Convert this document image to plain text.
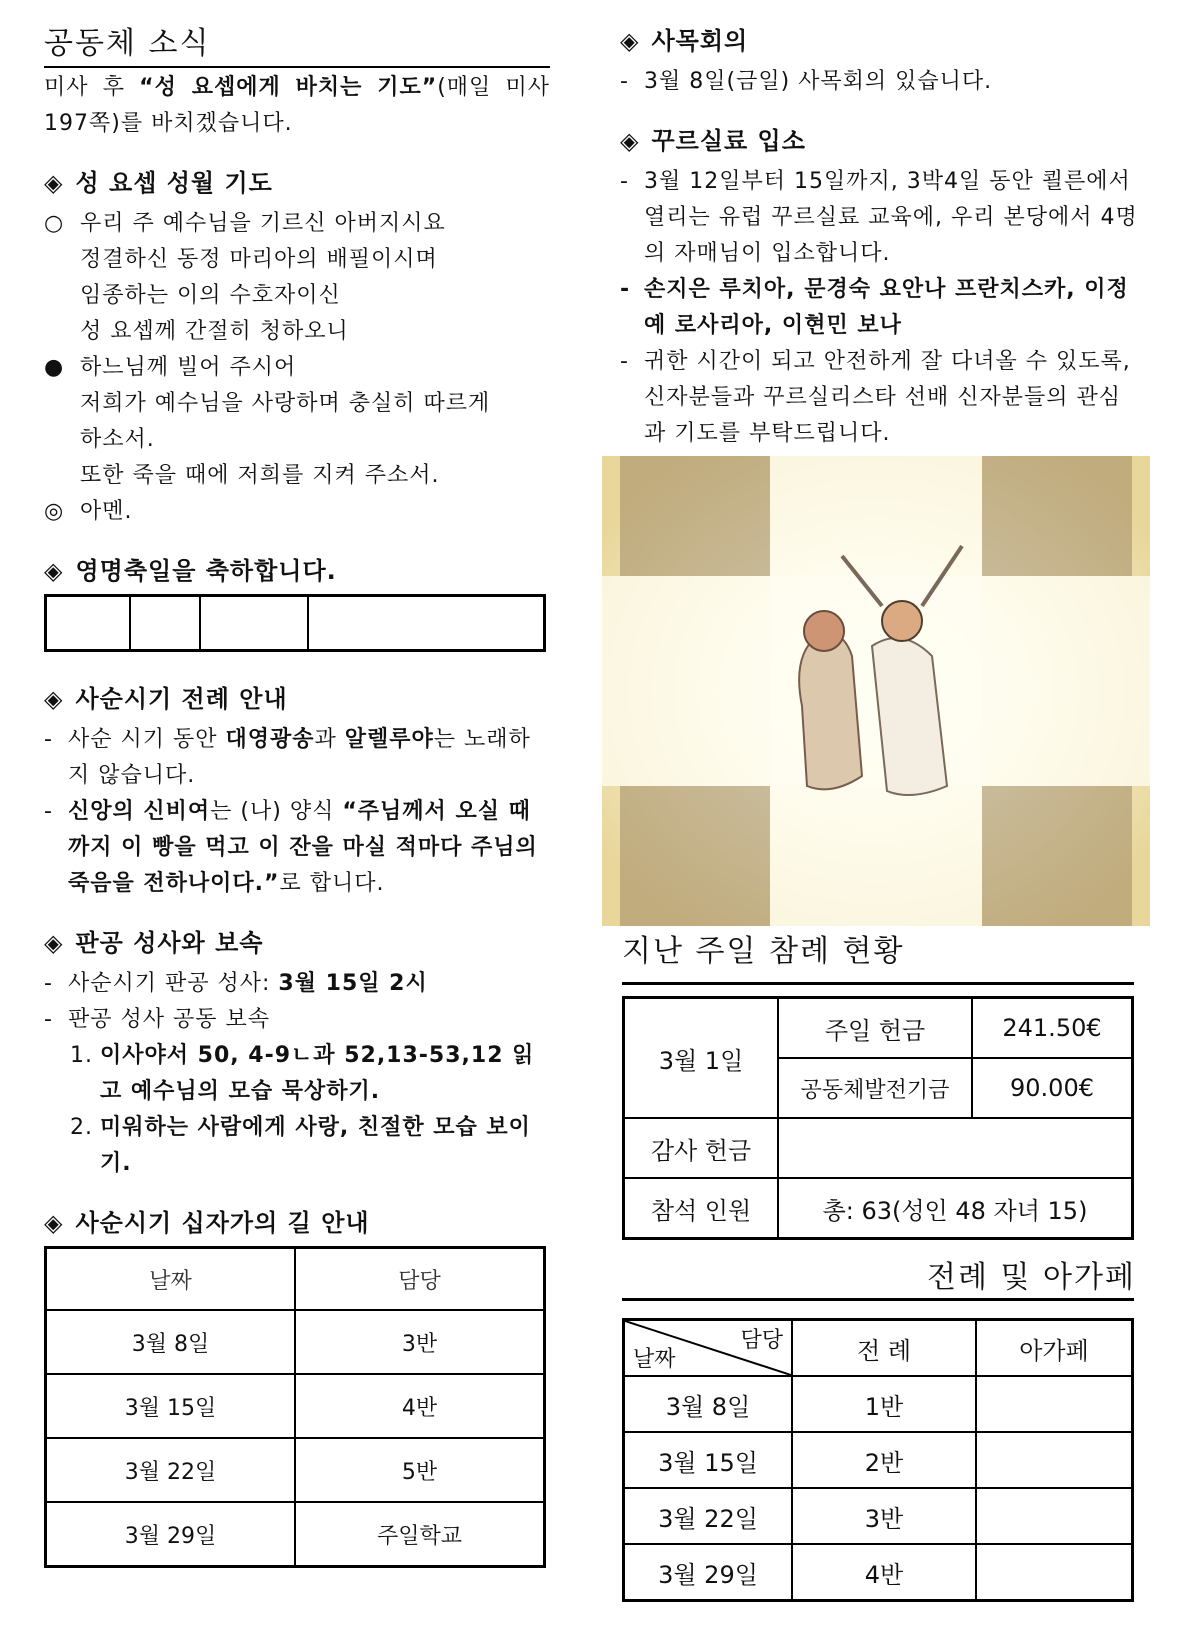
공동체 소식

미사 후 “성 요셉에게 바치는 기도”(매일 미사 197쪽)를 바치겠습니다.

◈ 성 요셉 성월 기도
○ 우리 주 예수님을 기르신 아버지시요
정결하신 동정 마리아의 배필이시며
임종하는 이의 수호자이신
성 요셉께 간절히 청하오니
● 하느님께 빌어 주시어
저희가 예수님을 사랑하며 충실히 따르게
하소서.
또한 죽을 때에 저희를 지켜 주소서.
◎ 아멘.
◈ 영명축일을 축하합니다.

◈ 사순시기 전례 안내
- 사순 시기 동안 대영광송과 알렐루야는 노래하지 않습니다.
- 신앙의 신비여는 (나) 양식 “주님께서 오실 때까지 이 빵을 먹고 이 잔을 마실 적마다 주님의 죽음을 전하나이다.”로 합니다.
◈ 판공 성사와 보속
- 사순시기 판공 성사: 3월 15일 2시
- 판공 성사 공동 보속
1. 이사야서 50, 4-9ㄴ과 52,13-53,12 읽고 예수님의 모습 묵상하기.
2. 미워하는 사람에게 사랑, 친절한 모습 보이기.
◈ 사순시기 십자가의 길 안내
날짜	담당
3월 8일	3반
3월 15일	4반
3월 22일	5반
3월 29일	주일학교
◈ 사목회의
- 3월 8일(금일) 사목회의 있습니다.
◈ 꾸르실료 입소
- 3월 12일부터 15일까지, 3박4일 동안 쾰른에서 열리는 유럽 꾸르실료 교육에, 우리 본당에서 4명의 자매님이 입소합니다.
- 손지은 루치아, 문경숙 요안나 프란치스카, 이정예 로사리아, 이현민 보나
- 귀한 시간이 되고 안전하게 잘 다녀올 수 있도록, 신자분들과 꾸르실리스타 선배 신자분들의 관심과 기도를 부탁드립니다.
지난 주일 참례 현황
3월 1일	주일 헌금	241.50€
	공동체발전기금	90.00€
감사 헌금		
참석 인원	총: 63(성인 48 자녀 15)	
전례 및 아가페
담당
날짜	전 례	아가페
3월 8일	1반	
3월 15일	2반	
3월 22일	3반	
3월 29일	4반	
